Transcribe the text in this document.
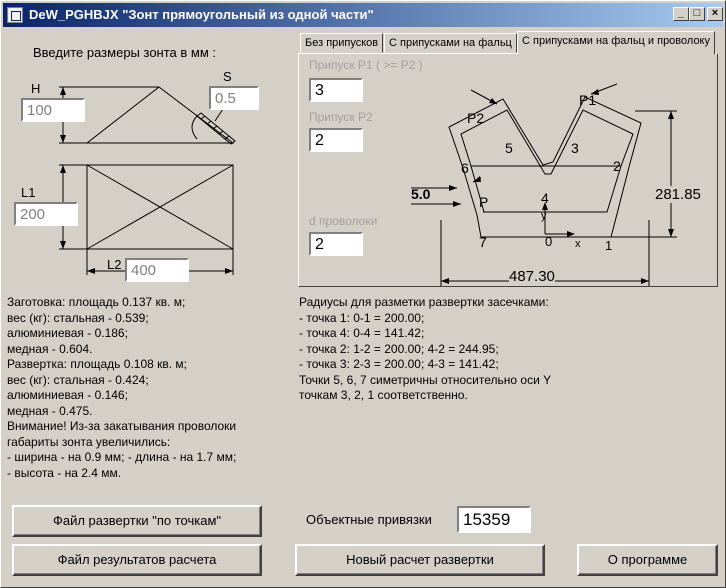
DeW_PGHBJX "Зонт прямоугольный из одной части"	_ □	×
Введите размеры зонта в мм :
H
100
S
0.5
L1
200
L2 400
Без припусков С припусками на фальц С припусками на фальц и проволоку
Припуск Р1 ( >= Р2 )
3
Припуск Р2
2
d проволоки
2
P2
P1
P
1
2
3
4
5
6
7	0 x
y
281.85
487.30
5.0
Заготовка: площадь 0.137 кв. м;
вес (кг): стальная - 0.539;
алюминиевая - 0.186;
медная - 0.604.
Развертка: площадь 0.108 кв. м;
вес (кг): стальная - 0.424;
алюминиевая - 0.146;
медная - 0.475.
Внимание! Из-за закатывания проволоки
габариты зонта увеличились:
- ширина - на 0.9 мм; - длина - на 1.7 мм;
- высота - на 2.4 мм.
Радиусы для разметки развертки засечками:
- точка 1: 0-1 = 200.00;
- точка 4: 0-4 = 141.42;
- точка 2: 1-2 = 200.00; 4-2 = 244.95;
- точка 3: 2-3 = 200.00; 4-3 = 141.42;
Точки 5, 6, 7 симетричны относительно оси Y
точкам 3, 2, 1 соответственно.
Файл развертки "по точкам"	Объектные привязки	15359
Файл результатов расчета	Новый расчет развертки	О программе
